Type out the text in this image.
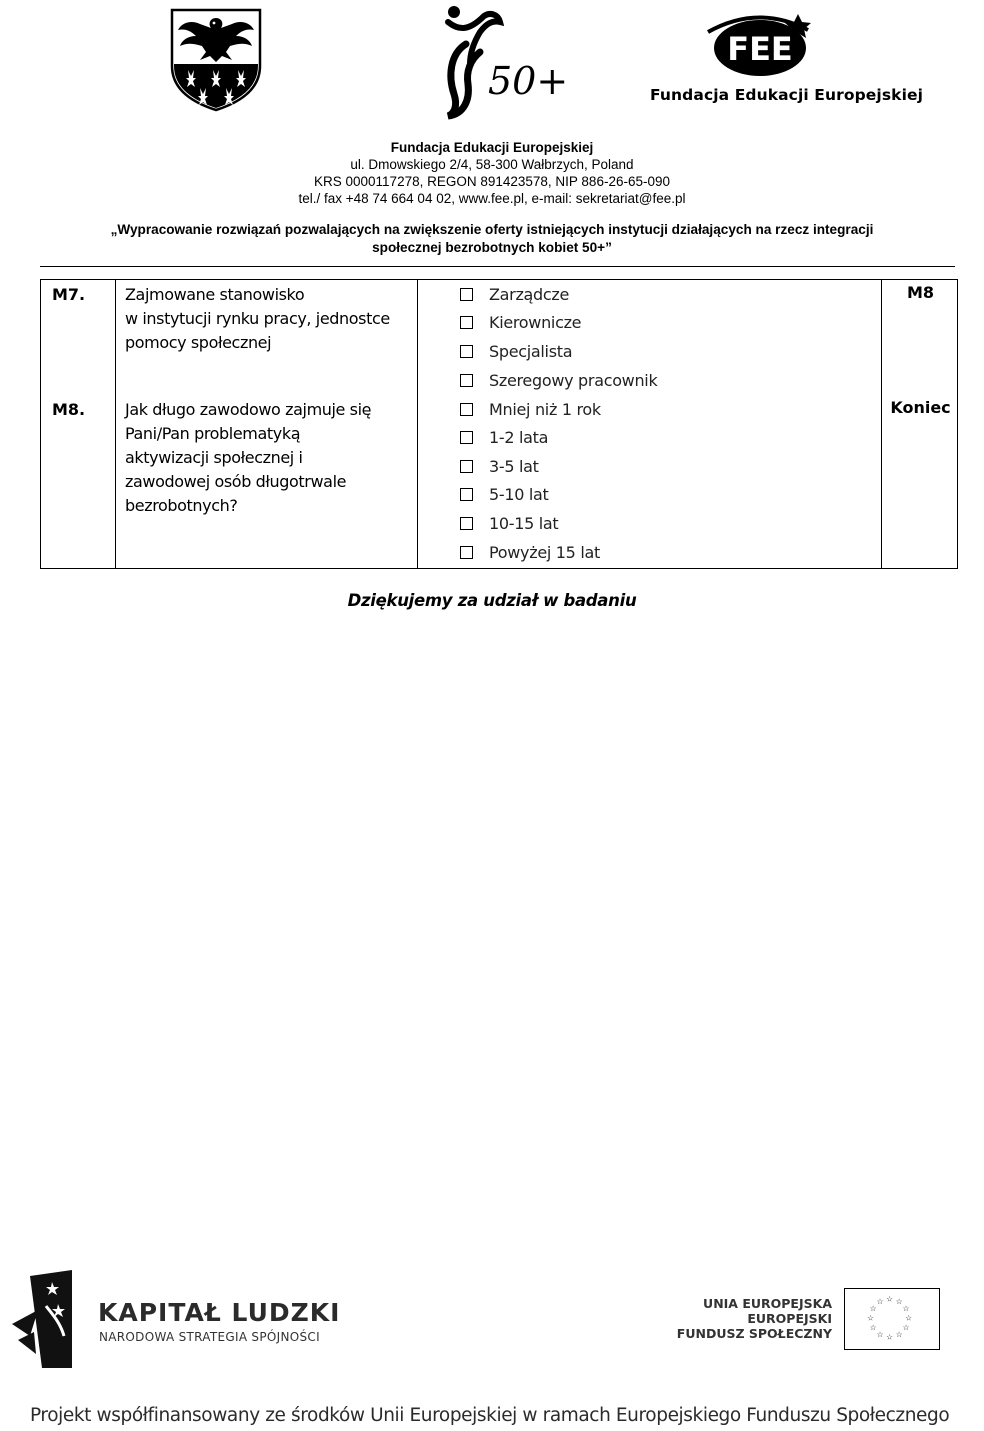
50+
FEE
Fundacja Edukacji Europejskiej
Fundacja Edukacji Europejskiej
ul. Dmowskiego 2/4, 58-300 Wałbrzych, Poland
KRS 0000117278, REGON 891423578, NIP 886-26-65-090
tel./ fax +48 74 664 04 02, www.fee.pl, e-mail: sekretariat@fee.pl
„Wypracowanie rozwiązań pozwalających na zwiększenie oferty istniejących instytucji działających na rzecz integracji
społecznej bezrobotnych kobiet 50+”
M7. Zajmowane stanowisko
w instytucji rynku pracy, jednostce
pomocy społecznej
Zarządcze
Kierownicze
Specjalista
Szeregowy pracownik
M8
M8. Jak długo zawodowo zajmuje się
Pani/Pan problematyką
aktywizacji społecznej i
zawodowej osób długotrwale
bezrobotnych?
Mniej niż 1 rok
1-2 lata
3-5 lat
5-10 lat
10-15 lat
Powyżej 15 lat
Koniec
Dziękujemy za udział w badaniu
KAPITAŁ LUDZKI
NARODOWA STRATEGIA SPÓJNOŚCI
UNIA EUROPEJSKA
EUROPEJSKI
FUNDUSZ SPOŁECZNY
☆ ☆
☆
☆
☆
☆
☆
☆
☆
☆
☆
☆
Projekt współfinansowany ze środków Unii Europejskiej w ramach Europejskiego Funduszu Społecznego
